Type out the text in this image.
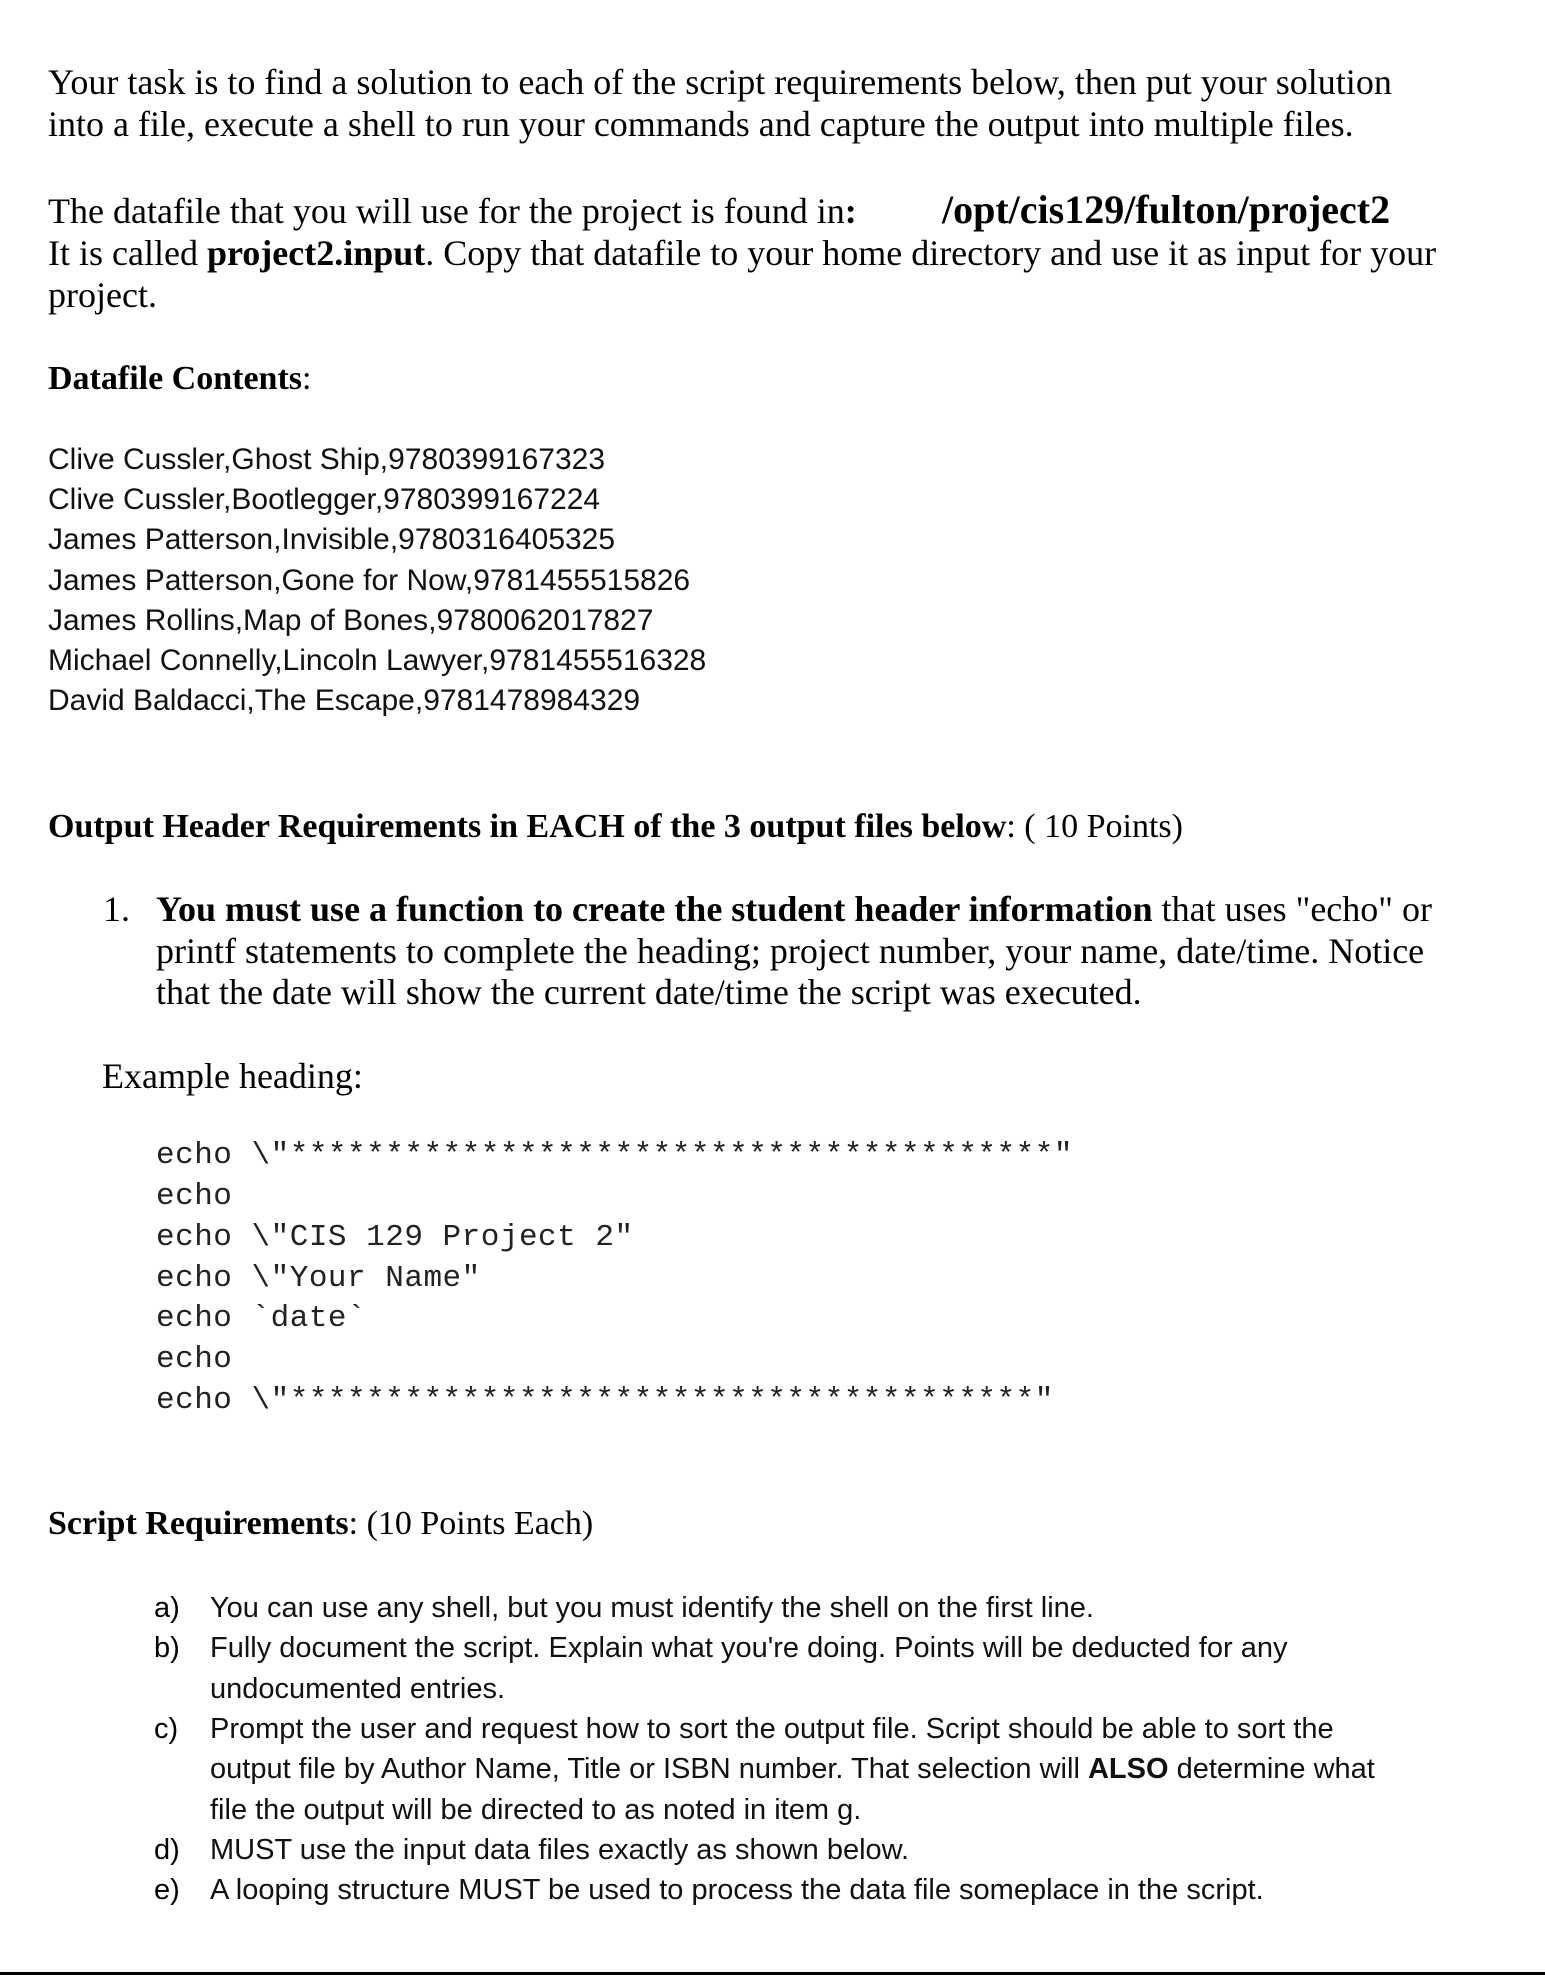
Your task is to find a solution to each of the script requirements below, then put your solution
into a file, execute a shell to run your commands and capture the output into multiple files.
The datafile that you will use for the project is found in: /opt/cis129/fulton/project2
It is called project2.input. Copy that datafile to your home directory and use it as input for your
project.
Datafile Contents:
Clive Cussler,Ghost Ship,9780399167323
Clive Cussler,Bootlegger,9780399167224
James Patterson,Invisible,9780316405325
James Patterson,Gone for Now,9781455515826
James Rollins,Map of Bones,9780062017827
Michael Connelly,Lincoln Lawyer,9781455516328
David Baldacci,The Escape,9781478984329
Output Header Requirements in EACH of the 3 output files below: ( 10 Points)
1. You must use a function to create the student header information that uses "echo" or
printf statements to complete the heading; project number, your name, date/time. Notice
that the date will show the current date/time the script was executed.
Example heading:
echo \"****************************************"
echo
echo \"CIS 129 Project 2"
echo \"Your Name"
echo `date`
echo
echo \"***************************************"
Script Requirements: (10 Points Each)
a) You can use any shell, but you must identify the shell on the first line.
b) Fully document the script. Explain what you're doing. Points will be deducted for any
undocumented entries.
c) Prompt the user and request how to sort the output file. Script should be able to sort the
output file by Author Name, Title or ISBN number. That selection will ALSO determine what
file the output will be directed to as noted in item g.
d) MUST use the input data files exactly as shown below.
e) A looping structure MUST be used to process the data file someplace in the script.
